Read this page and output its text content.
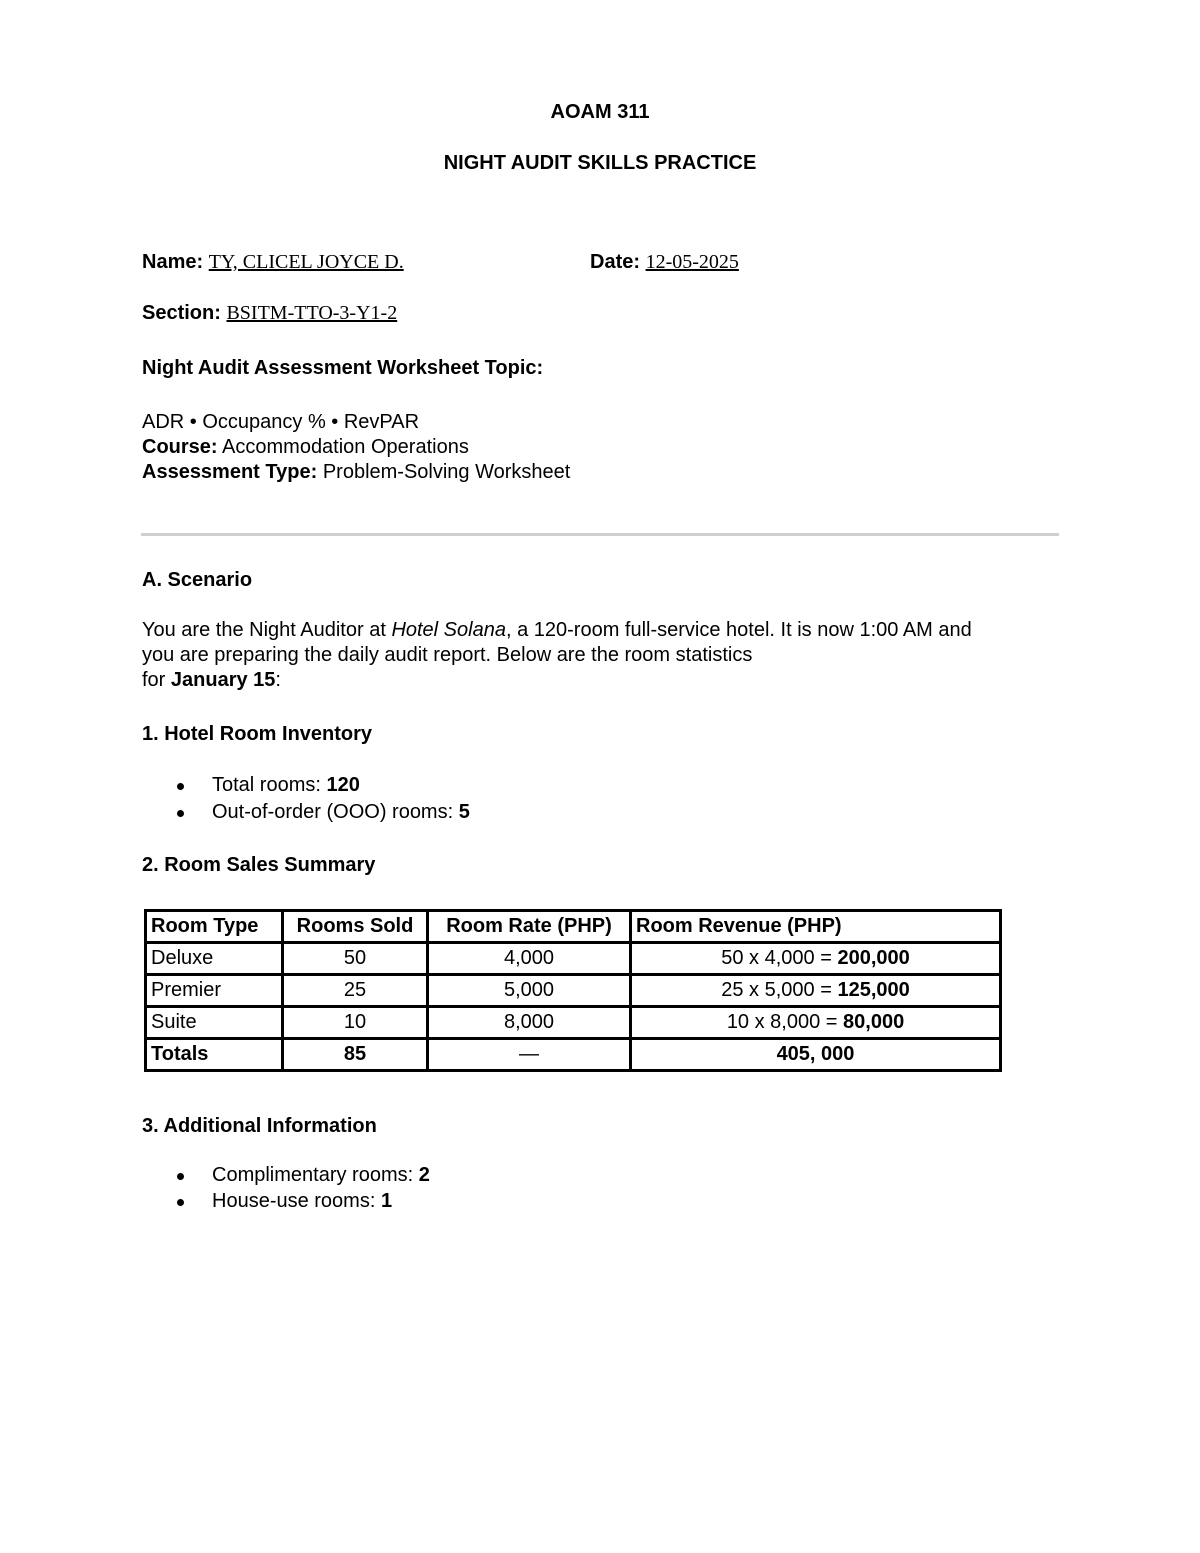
AOAM 311
NIGHT AUDIT SKILLS PRACTICE
Name: TY, CLICEL JOYCE D.	Date: 12-05-2025
Section: BSITM-TTO-3-Y1-2
Night Audit Assessment Worksheet Topic:
ADR • Occupancy % • RevPAR
Course: Accommodation Operations
Assessment Type: Problem-Solving Worksheet
A. Scenario
You are the Night Auditor at Hotel Solana, a 120-room full-service hotel. It is now 1:00 AM and
you are preparing the daily audit report. Below are the room statistics
for January 15:
1. Hotel Room Inventory
Total rooms: 120
Out-of-order (OOO) rooms: 5
2. Room Sales Summary
Room Type	Rooms Sold	Room Rate (PHP)	Room Revenue (PHP)
Deluxe	50	4,000	50 x 4,000 = 200,000
Premier	25	5,000	25 x 5,000 = 125,000
Suite	10	8,000	10 x 8,000 = 80,000
Totals	85	—	405, 000
3. Additional Information
Complimentary rooms: 2
House-use rooms: 1
